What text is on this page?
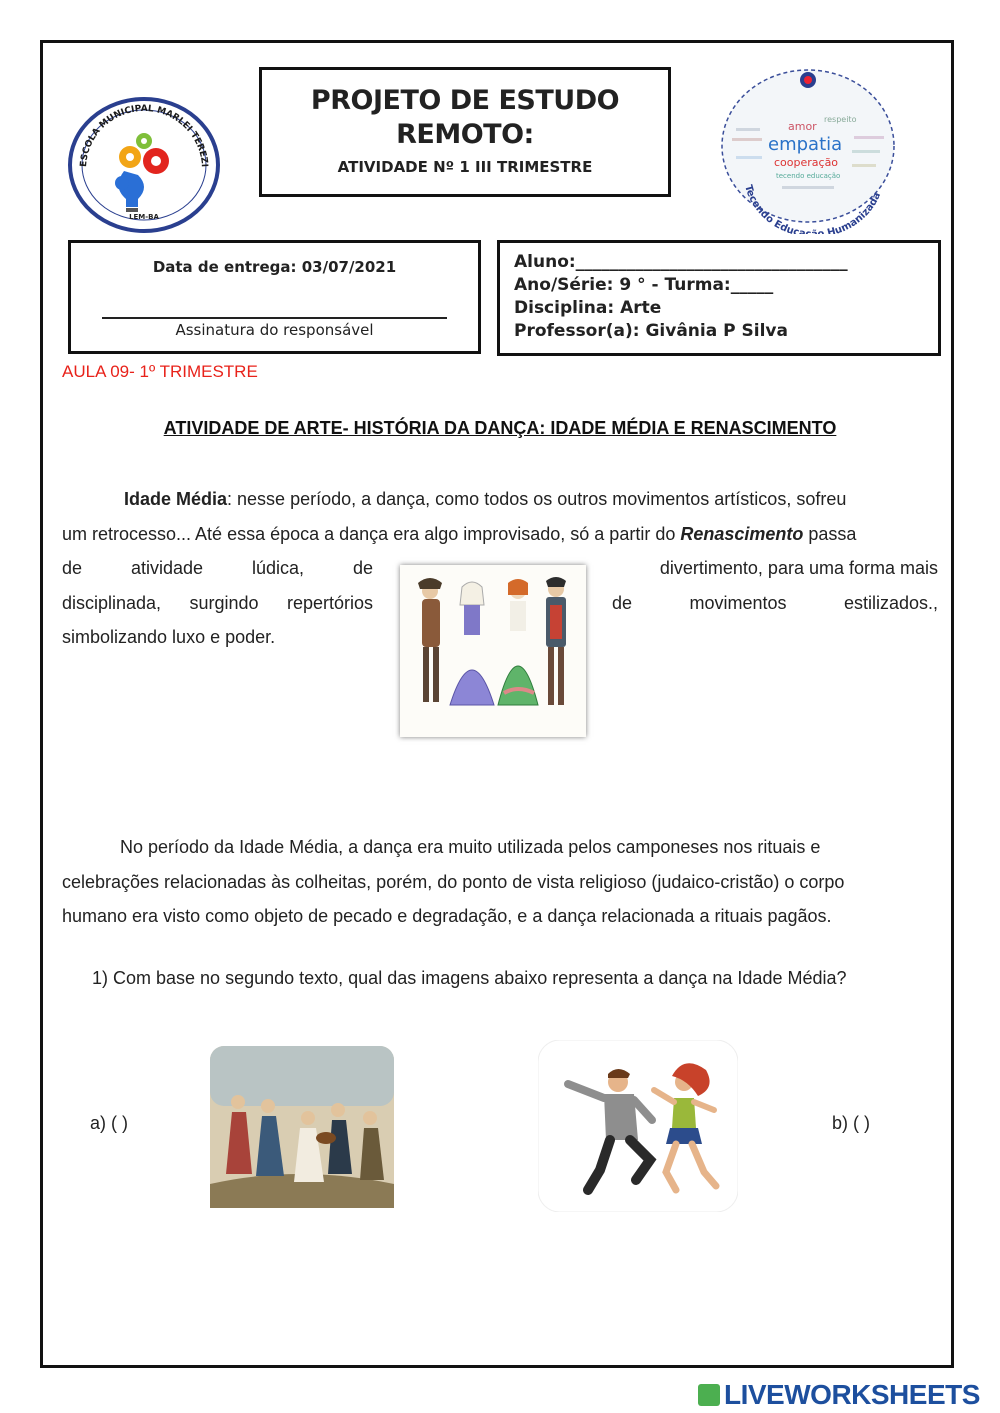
ESCOLA MUNICIPAL MARLEI TEREZI
LEM-BA
PROJETO DE ESTUDO
REMOTO:
ATIVIDADE Nº 1 III TRIMESTRE
amor
empatia
cooperação
respeito
tecendo educação
Tecendo Educa Humanizada
Data de entrega: 03/07/2021
Assinatura do responsável
Aluno:________________________________
Ano/Série: 9 ° - Turma:_____
Disciplina: Arte
Professor(a): Givânia P Silva
AULA 09- 1º TRIMESTRE
ATIVIDADE DE ARTE- HISTÓRIA DA DANÇA: IDADE MÉDIA E RENASCIMENTO
Idade Média: nesse período, a dança, como todos os outros movimentos artísticos, sofreu
um retrocesso... Até essa época a dança era algo improvisado, só a partir do Renascimento passa
de	atividade	lúdica,	de	divertimento, para uma forma mais
disciplinada, surgindo repertórios	de	movimentos	estilizados.,
simbolizando luxo e poder.
No período da Idade Média, a dança era muito utilizada pelos camponeses nos rituais e
celebrações relacionadas às colheitas, porém, do ponto de vista religioso (judaico-cristão) o corpo
humano era visto como objeto de pecado e degradação, e a dança relacionada a rituais pagãos.
1) Com base no segundo texto, qual das imagens abaixo representa a dança na Idade Média?
a) ( )	b) ( )
LIVEWORKSHEETS
